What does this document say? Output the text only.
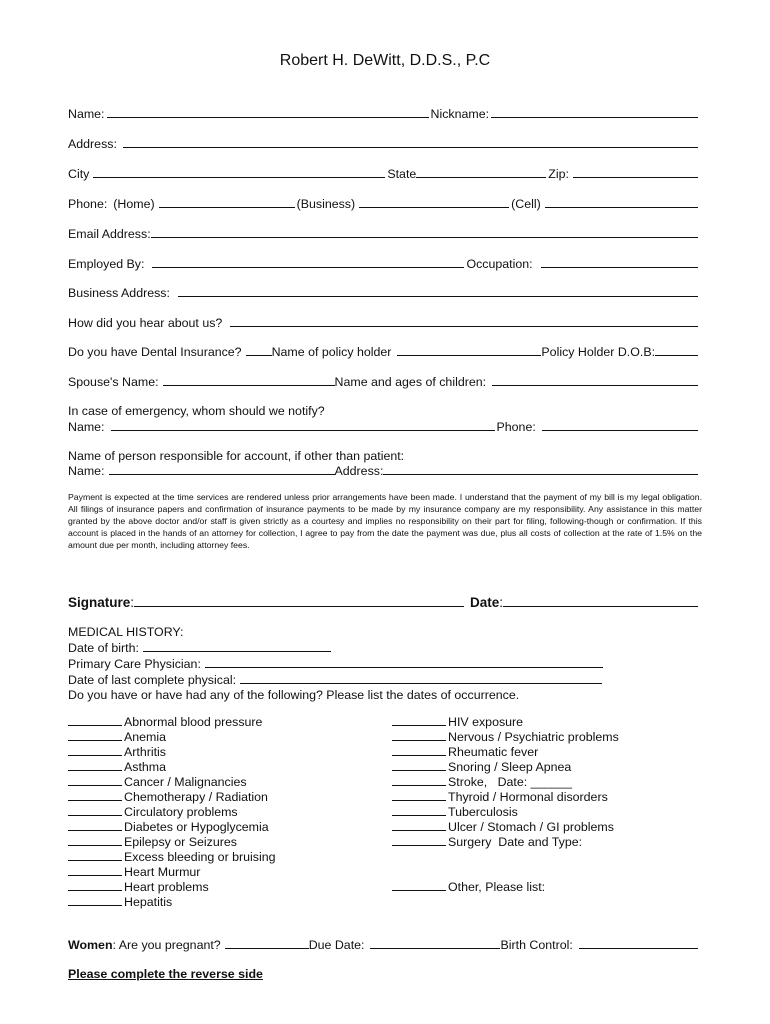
Robert H. DeWitt, D.D.S., P.C
Name:	Nickname:
Address:
City	State	Zip:
Phone: (Home)	(Business)	(Cell)
Email Address:
Employed By:	Occupation:
Business Address:
How did you hear about us?
Do you have Dental Insurance? Name of policy holder	Policy Holder D.O.B:
Spouse's Name:	Name and ages of children:
In case of emergency, whom should we notify?
Name:	Phone:
Name of person responsible for account, if other than patient:
Name:	Address:
Payment is expected at the time services are rendered unless prior arrangements have been made. I understand that the payment of my bill is my legal obligation. All filings of insurance papers and confirmation of insurance payments to be made by my insurance company are my responsibility. Any assistance in this matter granted by the above doctor and/or staff is given strictly as a courtesy and implies no responsibility on their part for filing, following-though or confirmation. If this account is placed in the hands of an attorney for collection, I agree to pay from the date the payment was due, plus all costs of collection at the rate of 1.5% on the amount due per month, including attorney fees.
Signature :	Date :
MEDICAL HISTORY:
Date of birth:
Primary Care Physician:
Date of last complete physical:
Do you have or have had any of the following? Please list the dates of occurrence.
Abnormal blood pressure
Anemia
Arthritis
Asthma
Cancer / Malignancies
Chemotherapy / Radiation
Circulatory problems
Diabetes or Hypoglycemia
Epilepsy or Seizures
Excess bleeding or bruising
Heart Murmur
Heart problems
Hepatitis
HIV exposure
Nervous / Psychiatric problems
Rheumatic fever
Snoring / Sleep Apnea
Stroke,   Date: ______
Thyroid / Hormonal disorders
Tuberculosis
Ulcer / Stomach / GI problems
Surgery  Date and Type:
Other, Please list:
Women : Are you pregnant?	Due Date:	Birth Control:
Please complete the reverse side
